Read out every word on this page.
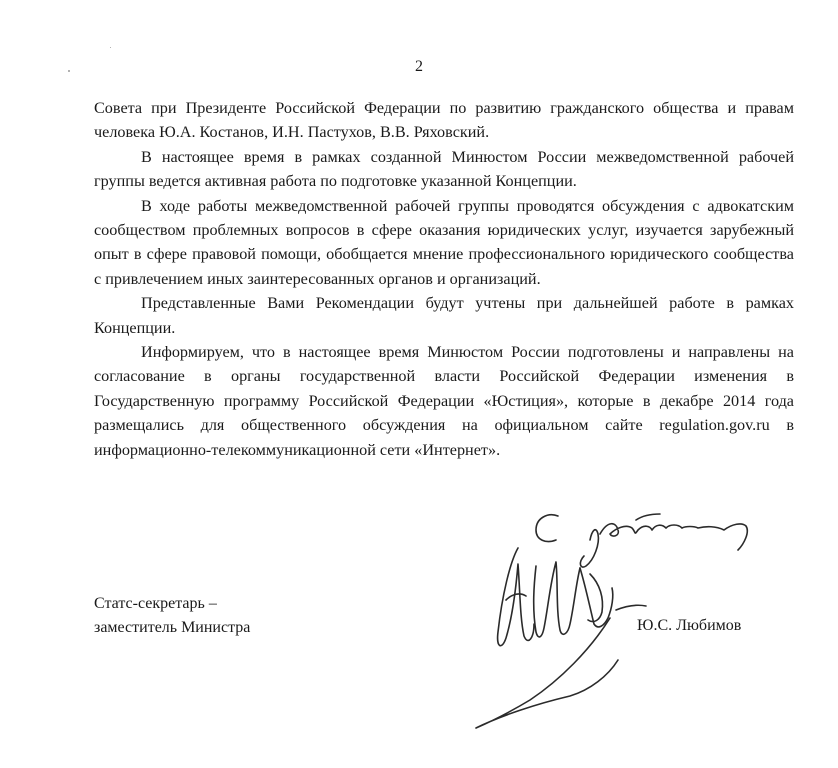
2

Совета при Президенте Российской Федерации по развитию гражданского общества и правам человека Ю.А. Костанов, И.Н. Пастухов, В.В. Ряховский.

В настоящее время в рамках созданной Минюстом России межведомственной рабочей группы ведется активная работа по подготовке указанной Концепции.

В ходе работы межведомственной рабочей группы проводятся обсуждения с адвокатским сообществом проблемных вопросов в сфере оказания юридических услуг, изучается зарубежный опыт в сфере правовой помощи, обобщается мнение профессионального юридического сообщества с привлечением иных заинтересованных органов и организаций.

Представленные Вами Рекомендации будут учтены при дальнейшей работе в рамках Концепции.

Информируем, что в настоящее время Минюстом России подготовлены и направлены на согласование в органы государственной власти Российской Федерации изменения в Государственную программу Российской Федерации «Юстиция», которые в декабре 2014 года размещались для общественного обсуждения на официальном сайте regulation.gov.ru в информационно-телекоммуникационной сети «Интернет».

Статс-секретарь –
заместитель Министра	Ю.С. Любимов
